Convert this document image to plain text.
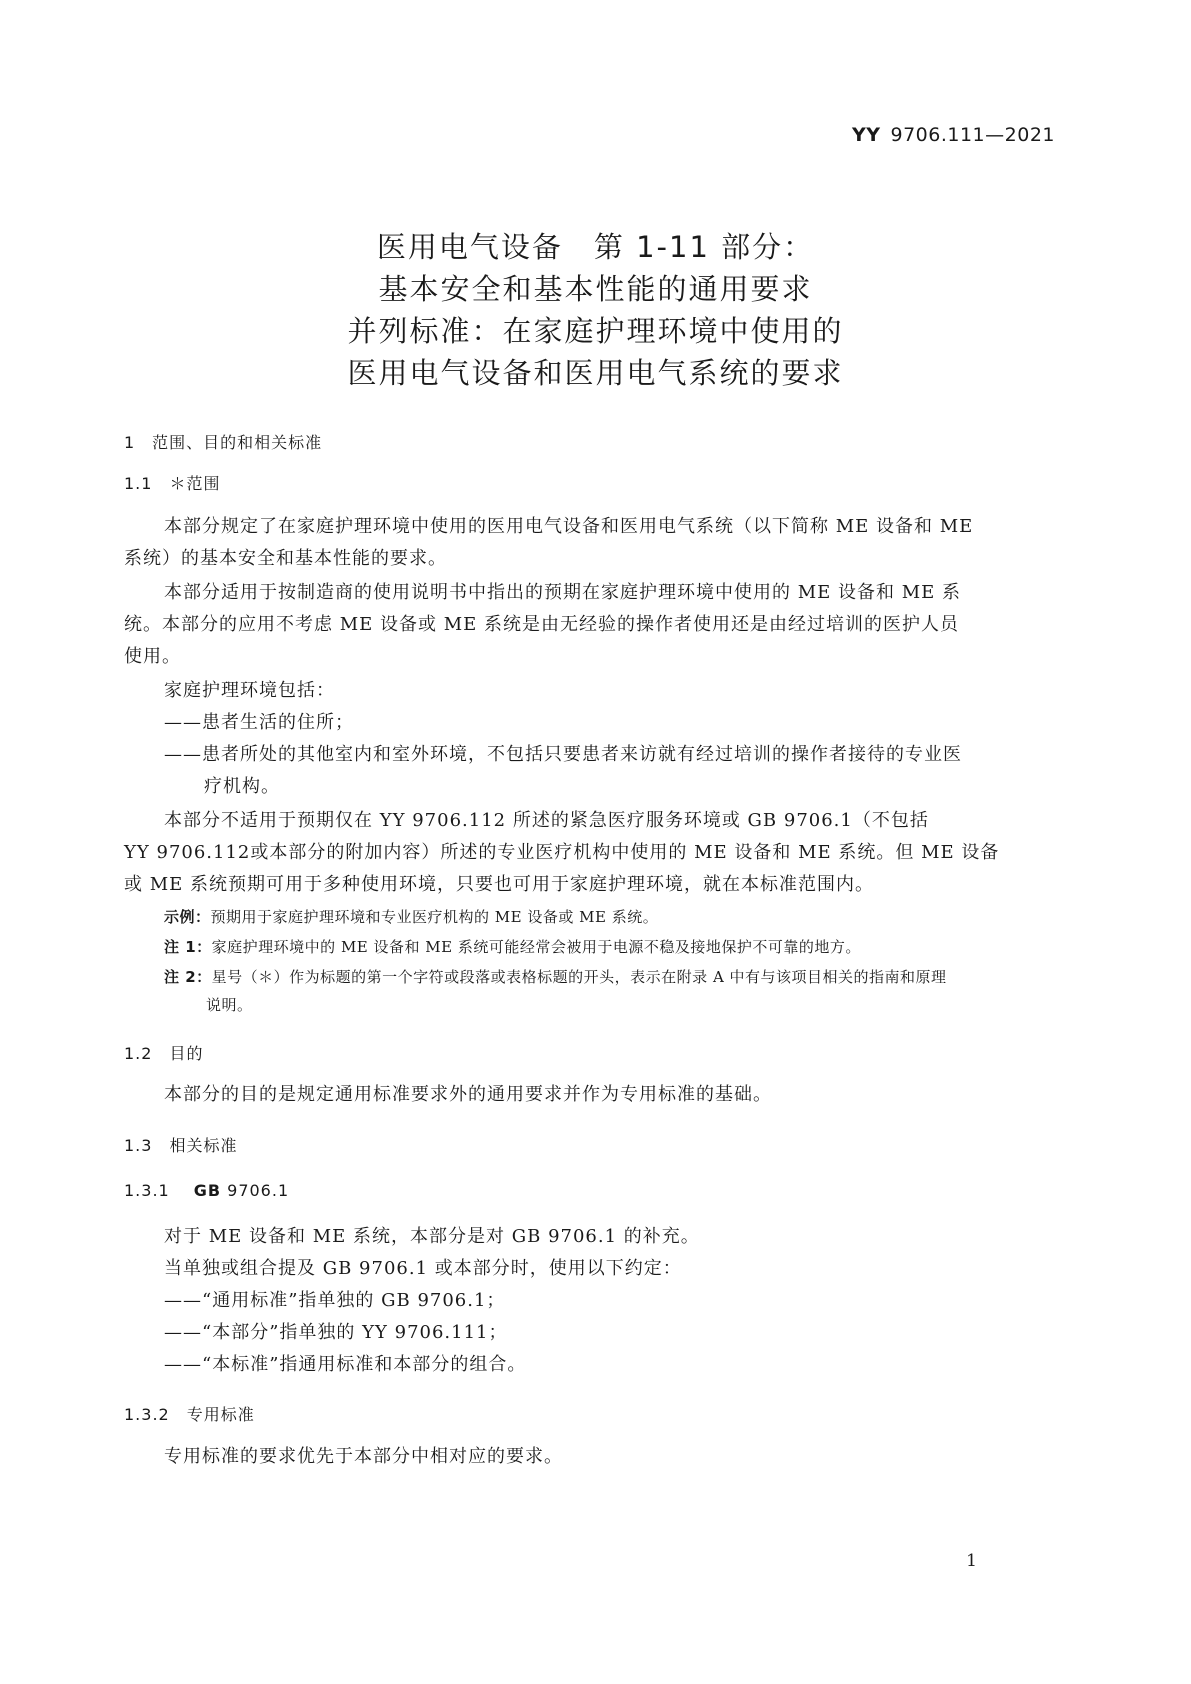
YY 9706.111—2021
医用电气设备　第 1-11 部分：
基本安全和基本性能的通用要求
并列标准：在家庭护理环境中使用的
医用电气设备和医用电气系统的要求
1　范围、目的和相关标准
1.1　＊范围
本部分规定了在家庭护理环境中使用的医用电气设备和医用电气系统（以下简称 ME 设备和 ME
系统）的基本安全和基本性能的要求。
本部分适用于按制造商的使用说明书中指出的预期在家庭护理环境中使用的 ME 设备和 ME 系
统。本部分的应用不考虑 ME 设备或 ME 系统是由无经验的操作者使用还是由经过培训的医护人员
使用。
家庭护理环境包括：
——患者生活的住所；
——患者所处的其他室内和室外环境，不包括只要患者来访就有经过培训的操作者接待的专业医
疗机构。
本部分不适用于预期仅在 YY 9706.112 所述的紧急医疗服务环境或 GB 9706.1（不包括
YY 9706.112或本部分的附加内容）所述的专业医疗机构中使用的 ME 设备和 ME 系统。但 ME 设备
或 ME 系统预期可用于多种使用环境，只要也可用于家庭护理环境，就在本标准范围内。
示例：预期用于家庭护理环境和专业医疗机构的 ME 设备或 ME 系统。
注 1：家庭护理环境中的 ME 设备和 ME 系统可能经常会被用于电源不稳及接地保护不可靠的地方。
注 2：星号（＊）作为标题的第一个字符或段落或表格标题的开头，表示在附录 A 中有与该项目相关的指南和原理
说明。
1.2　目的
本部分的目的是规定通用标准要求外的通用要求并作为专用标准的基础。
1.3　相关标准
1.3.1 GB 9706.1
对于 ME 设备和 ME 系统，本部分是对 GB 9706.1 的补充。
当单独或组合提及 GB 9706.1 或本部分时，使用以下约定：
——“通用标准”指单独的 GB 9706.1；
——“本部分”指单独的 YY 9706.111；
——“本标准”指通用标准和本部分的组合。
1.3.2　专用标准
专用标准的要求优先于本部分中相对应的要求。
1
